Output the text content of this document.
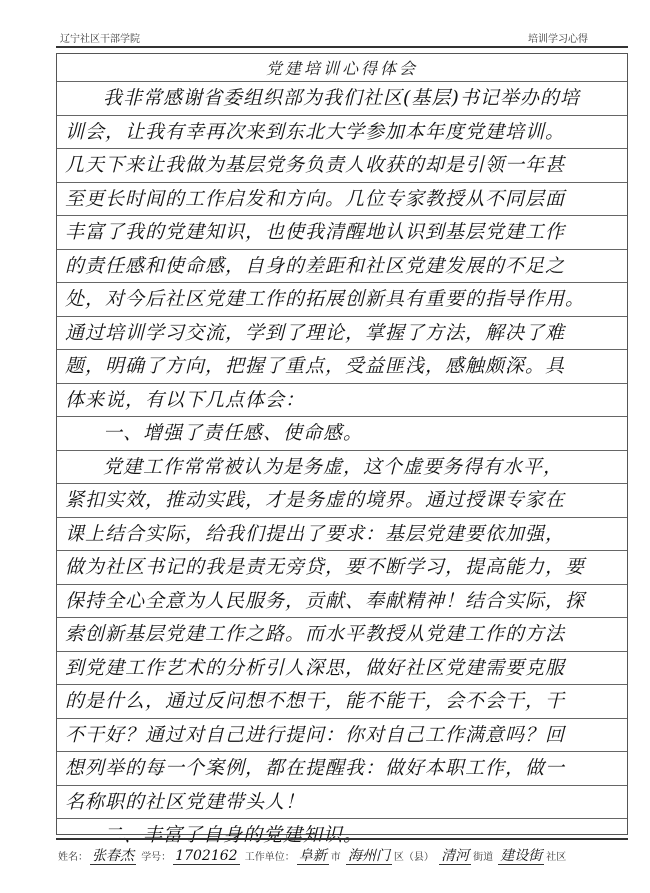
辽宁社区干部学院	培训学习心得
党建培训心得体会
我非常感谢省委组织部为我们社区(基层)书记举办的培
训会，让我有幸再次来到东北大学参加本年度党建培训。
几天下来让我做为基层党务负责人收获的却是引领一年甚
至更长时间的工作启发和方向。几位专家教授从不同层面
丰富了我的党建知识，也使我清醒地认识到基层党建工作
的责任感和使命感，自身的差距和社区党建发展的不足之
处，对今后社区党建工作的拓展创新具有重要的指导作用。
通过培训学习交流，学到了理论，掌握了方法，解决了难
题，明确了方向，把握了重点，受益匪浅，感触颇深。具
体来说，有以下几点体会：
一、增强了责任感、使命感。
党建工作常常被认为是务虚，这个虚要务得有水平，
紧扣实效，推动实践，才是务虚的境界。通过授课专家在
课上结合实际，给我们提出了要求：基层党建要依加强，
做为社区书记的我是责无旁贷，要不断学习，提高能力，要
保持全心全意为人民服务，贡献、奉献精神！结合实际，探
索创新基层党建工作之路。而水平教授从党建工作的方法
到党建工作艺术的分析引人深思，做好社区党建需要克服
的是什么，通过反问想不想干，能不能干，会不会干，干
不干好？通过对自己进行提问：你对自己工作满意吗？回
想列举的每一个案例，都在提醒我：做好本职工作，做一
名称职的社区党建带头人！
二、丰富了自身的党建知识。
姓名： 张春杰 学号： 1702162 工作单位： 阜新 市 海州门 区（县） 清河 街道 建设街 社区
